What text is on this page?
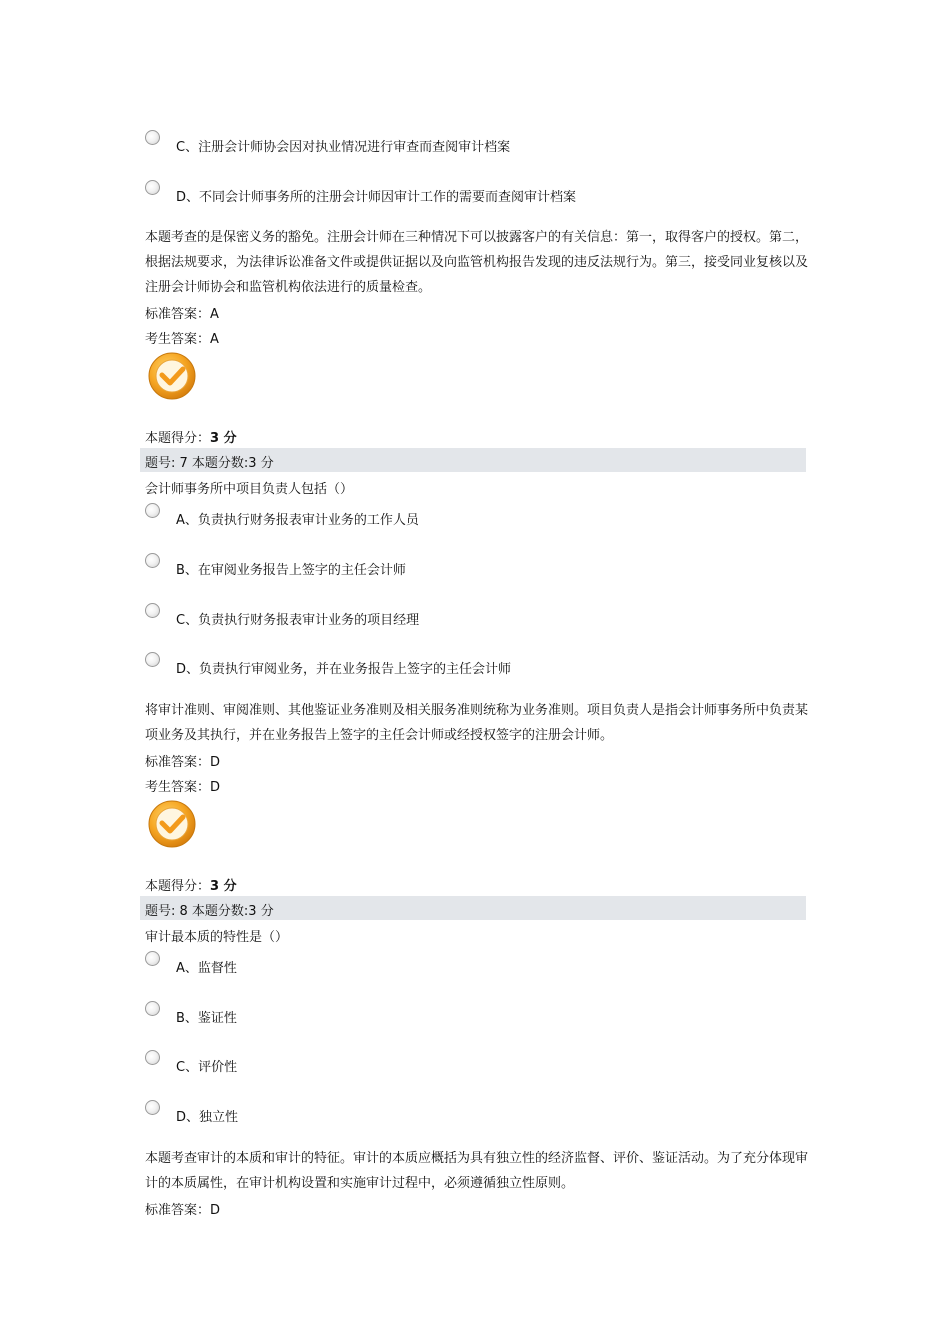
C、注册会计师协会因对执业情况进行审查而查阅审计档案
D、不同会计师事务所的注册会计师因审计工作的需要而查阅审计档案
本题考查的是保密义务的豁免。注册会计师在三种情况下可以披露客户的有关信息：第一，取得客户的授权。第二，根据法规要求，为法律诉讼准备文件或提供证据以及向监管机构报告发现的违反法规行为。第三，接受同业复核以及注册会计师协会和监管机构依法进行的质量检查。
标准答案：A
考生答案：A
本题得分：3 分
题号: 7 本题分数:3 分
会计师事务所中项目负责人包括（）
A、负责执行财务报表审计业务的工作人员
B、在审阅业务报告上签字的主任会计师
C、负责执行财务报表审计业务的项目经理
D、负责执行审阅业务，并在业务报告上签字的主任会计师
将审计准则、审阅准则、其他鉴证业务准则及相关服务准则统称为业务准则。项目负责人是指会计师事务所中负责某项业务及其执行，并在业务报告上签字的主任会计师或经授权签字的注册会计师。
标准答案：D
考生答案：D
本题得分：3 分
题号: 8 本题分数:3 分
审计最本质的特性是（）
A、监督性
B、鉴证性
C、评价性
D、独立性
本题考查审计的本质和审计的特征。审计的本质应概括为具有独立性的经济监督、评价、鉴证活动。为了充分体现审计的本质属性，在审计机构设置和实施审计过程中，必须遵循独立性原则。
标准答案：D
